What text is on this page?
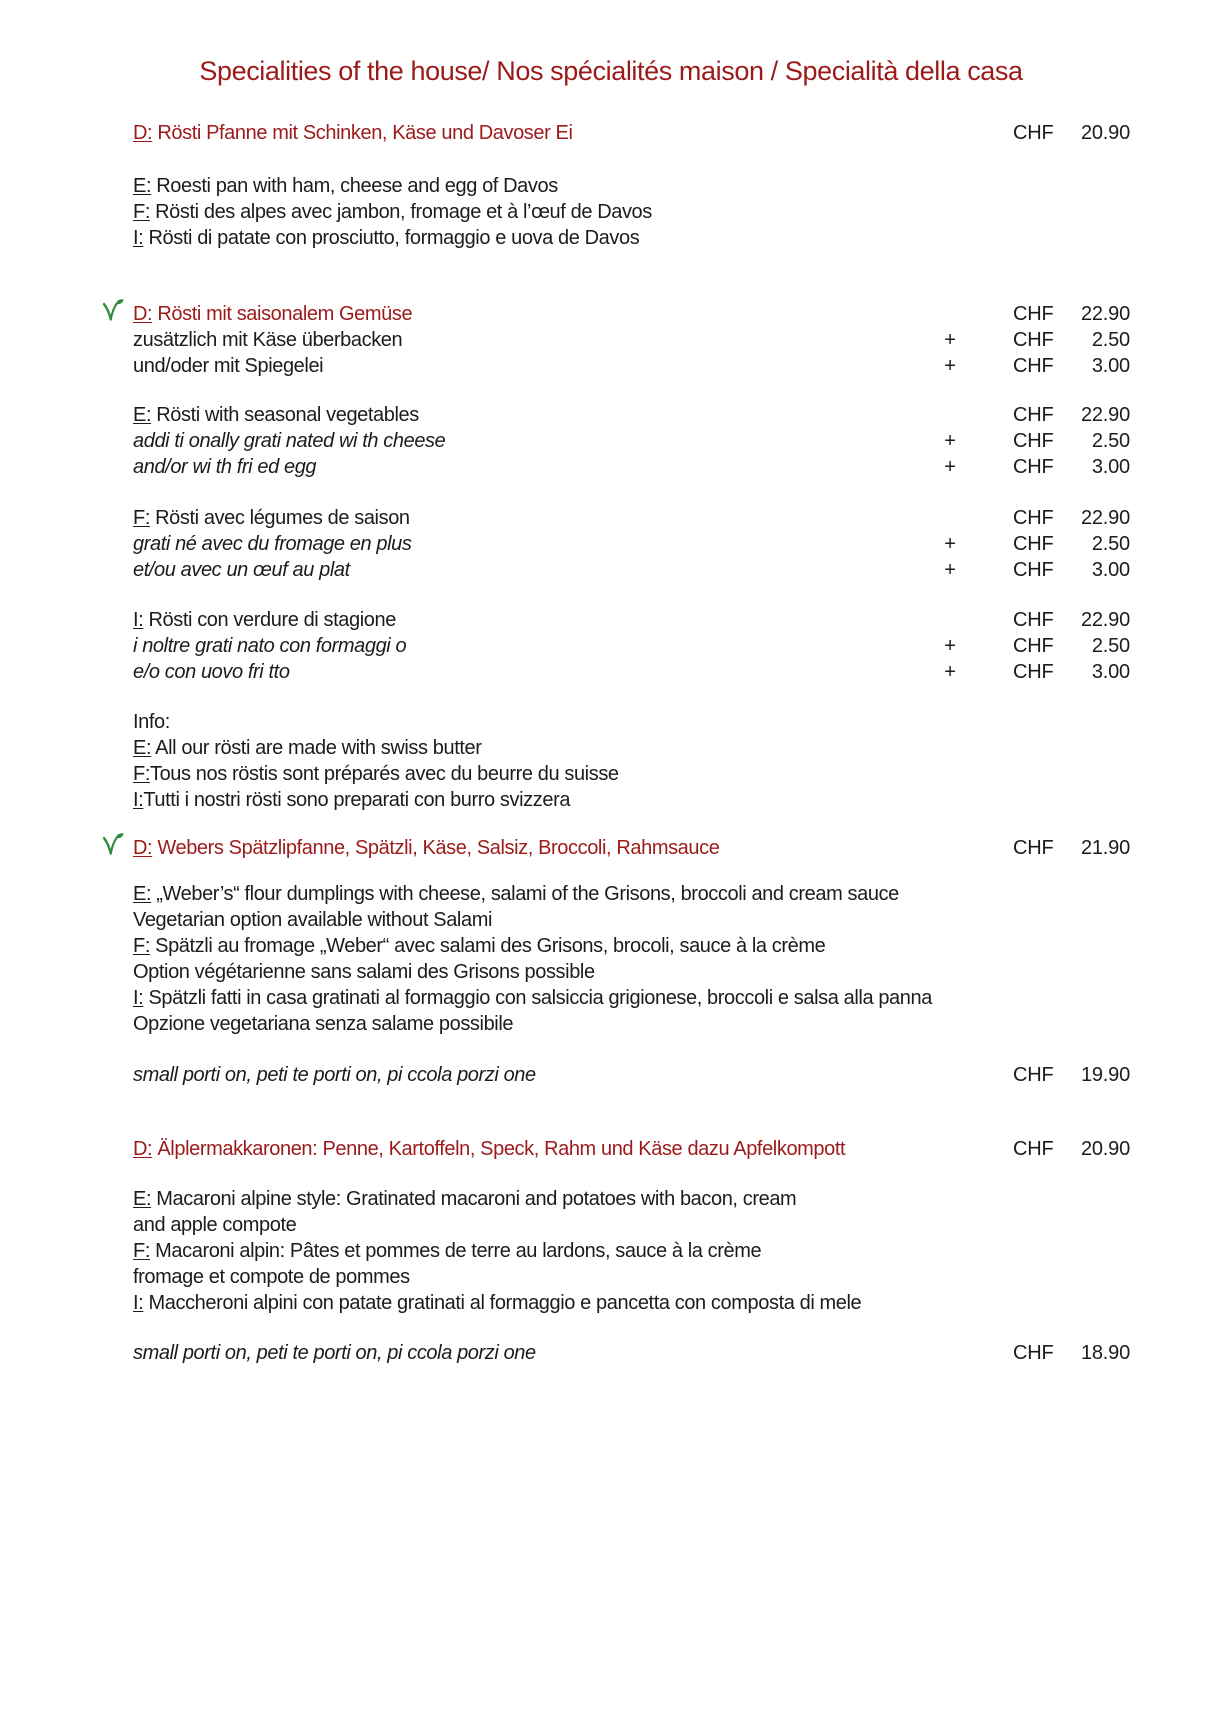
Specialities of the house/ Nos spécialités maison / Specialità della casa
D: Rösti Pfanne mit Schinken, Käse und Davoser Ei	CHF	20.90
E: Roesti pan with ham, cheese and egg of Davos
F: Rösti des alpes avec jambon, fromage et à l’œuf de Davos
I: Rösti di patate con prosciutto, formaggio e uova de Davos
D: Rösti mit saisonalem Gemüse	CHF	22.90
zusätzlich mit Käse überbacken	+	CHF	2.50
und/oder mit Spiegelei	+	CHF	3.00
E: Rösti with seasonal vegetables	CHF	22.90
addi ti onally grati nated wi th cheese	+	CHF	2.50
and/or wi th fri ed egg	+	CHF	3.00
F: Rösti avec légumes de saison	CHF	22.90
grati né avec du fromage en plus	+	CHF	2.50
et/ou avec un œuf au plat	+	CHF	3.00
I: Rösti con verdure di stagione	CHF	22.90
i noltre grati nato con formaggi o	+	CHF	2.50
e/o con uovo fri tto	+	CHF	3.00
Info:
E: All our rösti are made with swiss butter
F:Tous nos röstis sont préparés avec du beurre du suisse
I:Tutti i nostri rösti sono preparati con burro svizzera
D: Webers Spätzlipfanne, Spätzli, Käse, Salsiz, Broccoli, Rahmsauce	CHF	21.90
E: „Weber’s“ flour dumplings with cheese, salami of the Grisons, broccoli and cream sauce
Vegetarian option available without Salami
F: Spätzli au fromage „Weber“ avec salami des Grisons, brocoli, sauce à la crème
Option végétarienne sans salami des Grisons possible
I: Spätzli fatti in casa gratinati al formaggio con salsiccia grigionese, broccoli e salsa alla panna
Opzione vegetariana senza salame possibile
small porti on, peti te porti on, pi ccola porzi one	CHF	19.90
D: Älplermakkaronen: Penne, Kartoffeln, Speck, Rahm und Käse dazu Apfelkompott	CHF	20.90
E: Macaroni alpine style: Gratinated macaroni and potatoes with bacon, cream
and apple compote
F: Macaroni alpin: Pâtes et pommes de terre au lardons, sauce à la crème
fromage et compote de pommes
I: Maccheroni alpini con patate gratinati al formaggio e pancetta con composta di mele
small porti on, peti te porti on, pi ccola porzi one	CHF	18.90
